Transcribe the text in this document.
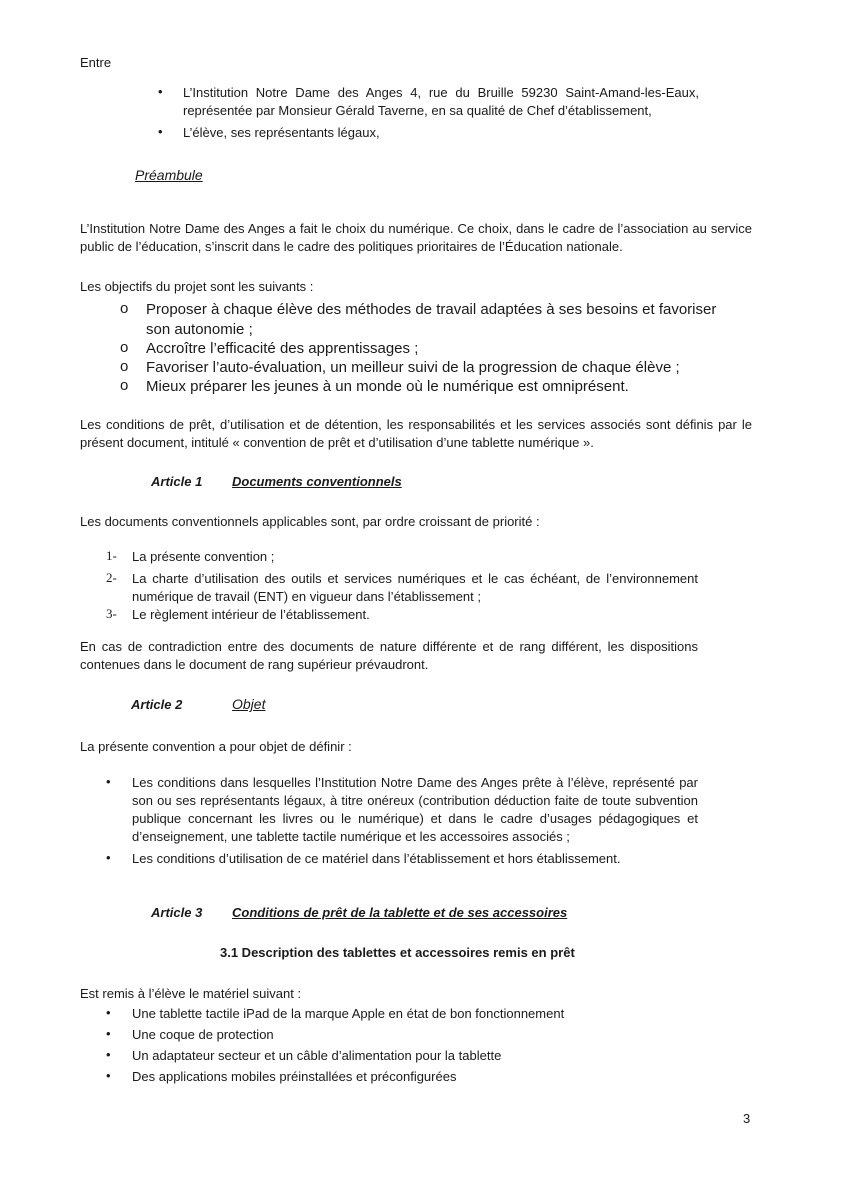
Entre
• L’Institution Notre Dame des Anges 4, rue du Bruille 59230 Saint-Amand-les-Eaux,
représentée par Monsieur Gérald Taverne, en sa qualité de Chef d’établissement,
• L’élève, ses représentants légaux,
Préambule
L’Institution Notre Dame des Anges a fait le choix du numérique. Ce choix, dans le cadre de l’association au service
public de l’éducation, s’inscrit dans le cadre des politiques prioritaires de l’Éducation nationale.
Les objectifs du projet sont les suivants :
o Proposer à chaque élève des méthodes de travail adaptées à ses besoins et favoriser
son autonomie ;
o Accroître l’efficacité des apprentissages ;
o Favoriser l’auto-évaluation, un meilleur suivi de la progression de chaque élève ;
o Mieux préparer les jeunes à un monde où le numérique est omniprésent.
Les conditions de prêt, d’utilisation et de détention, les responsabilités et les services associés sont définis par le
présent document, intitulé « convention de prêt et d’utilisation d’une tablette numérique ».
Article 1 Documents conventionnels
Les documents conventionnels applicables sont, par ordre croissant de priorité :
1- La présente convention ;
2- La charte d’utilisation des outils et services numériques et le cas échéant, de l’environnement
numérique de travail (ENT) en vigueur dans l’établissement ;
3- Le règlement intérieur de l’établissement.
En cas de contradiction entre des documents de nature différente et de rang différent, les dispositions
contenues dans le document de rang supérieur prévaudront.
Article 2	Objet
La présente convention a pour objet de définir :
• Les conditions dans lesquelles l’Institution Notre Dame des Anges prête à l’élève, représenté par
son ou ses représentants légaux, à titre onéreux (contribution déduction faite de toute subvention
publique concernant les livres ou le numérique) et dans le cadre d’usages pédagogiques et
d’enseignement, une tablette tactile numérique et les accessoires associés ;
• Les conditions d’utilisation de ce matériel dans l’établissement et hors établissement.
Article 3 Conditions de prêt de la tablette et de ses accessoires
3.1 Description des tablettes et accessoires remis en prêt
Est remis à l’élève le matériel suivant :
• Une tablette tactile iPad de la marque Apple en état de bon fonctionnement
• Une coque de protection
• Un adaptateur secteur et un câble d’alimentation pour la tablette
• Des applications mobiles préinstallées et préconfigurées
3
